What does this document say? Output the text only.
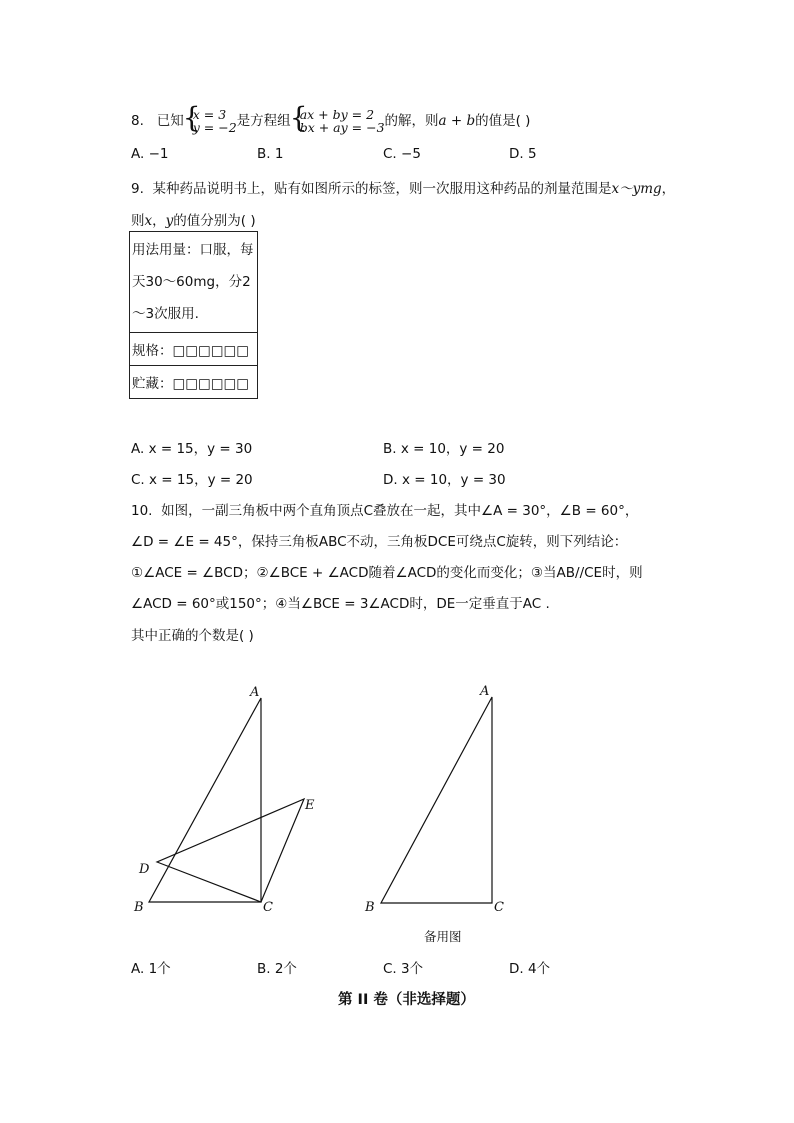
8. 已知 { x = 3
y = −2 是方程组 { ax + by = 2
bx + ay = −3 的解，则a + b的值是( )
A. −1	B. 1	C. −5	D. 5
9. 某种药品说明书上，贴有如图所示的标签，则一次服用这种药品的剂量范围是x～ymg，
则x，y的值分别为( )
用法用量：口服，每天30～60mg，分2～3次服用.
规格：□□□□□□
贮藏：□□□□□□
A. x = 15，y = 30	B. x = 10，y = 20
C. x = 15，y = 20	D. x = 10，y = 30
10. 如图，一副三角板中两个直角顶点C叠放在一起，其中∠A = 30°，∠B = 60°，
∠D = ∠E = 45°，保持三角板ABC不动，三角板DCE可绕点C旋转，则下列结论：
①∠ACE = ∠BCD；②∠BCE + ∠ACD随着∠ACD的变化而变化；③当AB//CE时，则
∠ACD = 60°或150°；④当∠BCE = 3∠ACD时，DE一定垂直于AC .
其中正确的个数是( )
A
E
D
B	C
A
B	C
备用图
A. 1个	B. 2个	C. 3个	D. 4个
第 II 卷（非选择题）
